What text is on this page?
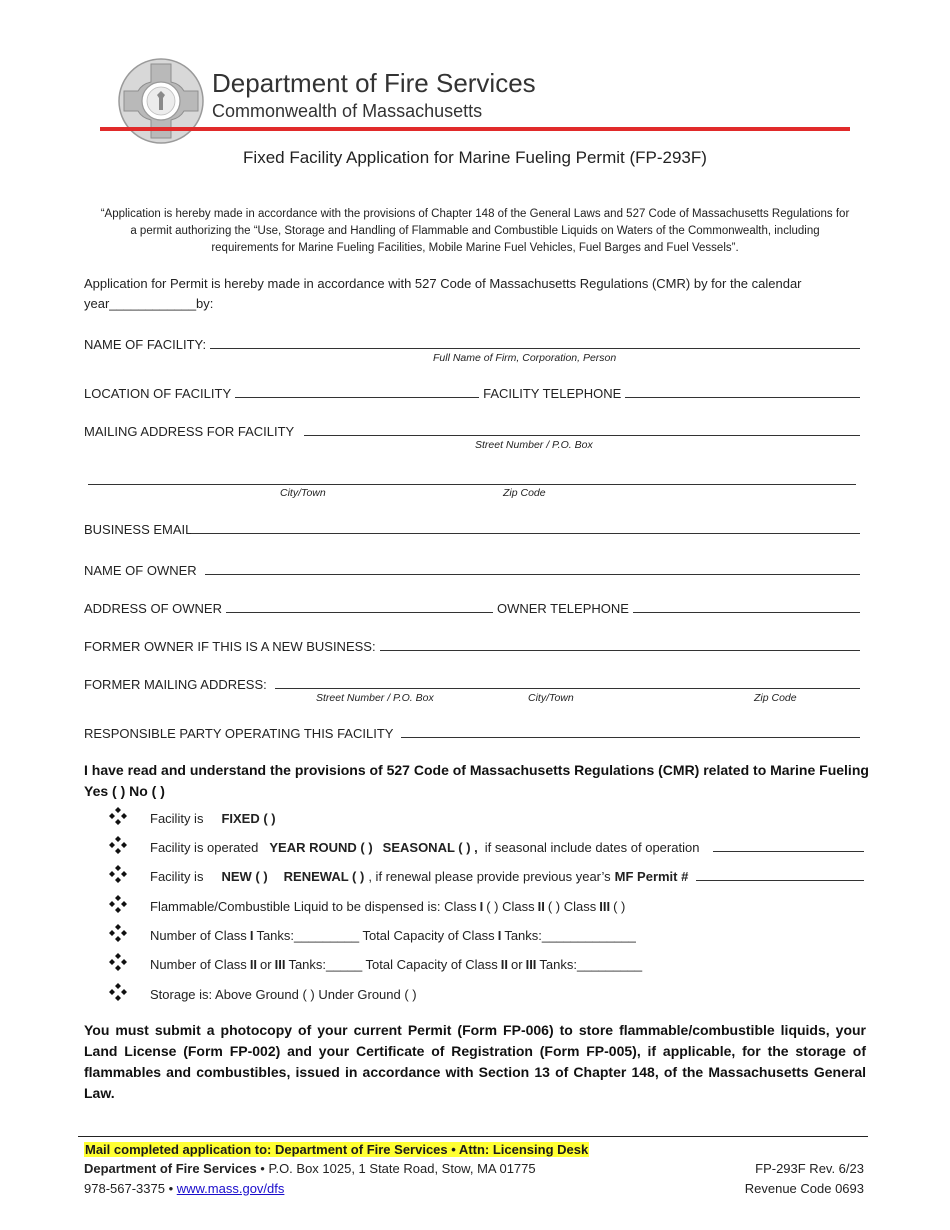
Department of Fire Services
Commonwealth of Massachusetts
Fixed Facility Application for Marine Fueling Permit (FP-293F)
“Application is hereby made in accordance with the provisions of Chapter 148 of the General Laws and 527 Code of Massachusetts Regulations for a permit authorizing the “Use, Storage and Handling of Flammable and Combustible Liquids on Waters of the Commonwealth, including requirements for Marine Fueling Facilities, Mobile Marine Fuel Vehicles, Fuel Barges and Fuel Vessels”.
Application for Permit is hereby made in accordance with 527 Code of Massachusetts Regulations (CMR) by for the calendar year____________by:
NAME OF FACILITY:
Full Name of Firm, Corporation, Person
LOCATION OF FACILITY	FACILITY TELEPHONE
MAILING ADDRESS FOR FACILITY
Street Number / P.O. Box
City/Town	Zip Code
BUSINESS EMAIL
NAME OF OWNER
ADDRESS OF OWNER	OWNER TELEPHONE
FORMER OWNER IF THIS IS A NEW BUSINESS:
FORMER MAILING ADDRESS:
Street Number / P.O. Box	City/Town	Zip Code
RESPONSIBLE PARTY OPERATING THIS FACILITY
I have read and understand the provisions of 527 Code of Massachusetts Regulations (CMR) related to Marine Fueling Yes ( ) No ( )
Facility is FIXED ( )
Facility is operated YEAR ROUND ( ) SEASONAL ( ) , if seasonal include dates of operation
Facility is NEW ( ) RENEWAL ( ) , if renewal please provide previous year’s MF Permit #
Flammable/Combustible Liquid to be dispensed is: Class I ( ) Class II ( ) Class III ( )
Number of Class I Tanks:_________ Total Capacity of Class I Tanks:_____________
Number of Class II or III Tanks:_____ Total Capacity of Class II or III Tanks:_________
Storage is: Above Ground ( ) Under Ground ( )
You must submit a photocopy of your current Permit (Form FP-006) to store flammable/combustible liquids, your Land License (Form FP-002) and your Certificate of Registration (Form FP-005), if applicable, for the storage of flammables and combustibles, issued in accordance with Section 13 of Chapter 148, of the Massachusetts General Law.
Mail completed application to: Department of Fire Services • Attn: Licensing Desk
Department of Fire Services • P.O. Box 1025, 1 State Road, Stow, MA 01775
978-567-3375 • www.mass.gov/dfs
FP-293F Rev. 6/23
Revenue Code 0693
